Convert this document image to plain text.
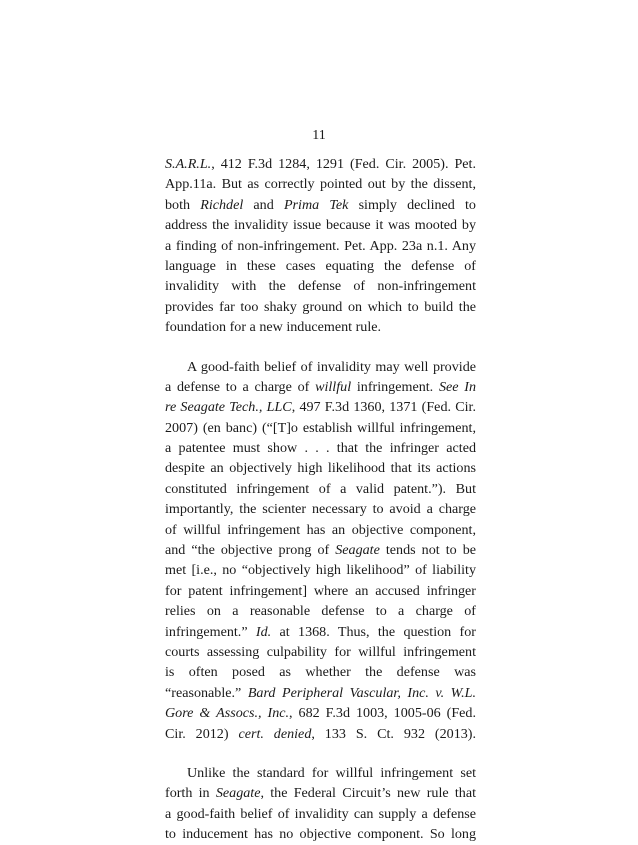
11
S.A.R.L., 412 F.3d 1284, 1291 (Fed. Cir. 2005). Pet.
App.11a. But as correctly pointed out by the dissent,
both Richdel and Prima Tek simply declined to
address the invalidity issue because it was mooted by
a finding of non-infringement. Pet. App. 23a n.1. Any
language in these cases equating the defense of
invalidity with the defense of non-infringement
provides far too shaky ground on which to build the
foundation for a new inducement rule.
A good-faith belief of invalidity may well provide
a defense to a charge of willful infringement. See In
re Seagate Tech., LLC, 497 F.3d 1360, 1371 (Fed. Cir.
2007) (en banc) (“[T]o establish willful infringement,
a patentee must show . . . that the infringer acted
despite an objectively high likelihood that its actions
constituted infringement of a valid patent.”). But
importantly, the scienter necessary to avoid a charge
of willful infringement has an objective component,
and “the objective prong of Seagate tends not to be
met [i.e., no “objectively high likelihood” of liability
for patent infringement] where an accused infringer
relies on a reasonable defense to a charge of
infringement.” Id. at 1368. Thus, the question for
courts assessing culpability for willful infringement
is often posed as whether the defense was
“reasonable.” Bard Peripheral Vascular, Inc. v. W.L.
Gore & Assocs., Inc., 682 F.3d 1003, 1005-06 (Fed.
Cir. 2012) cert. denied, 133 S. Ct. 932 (2013).
Unlike the standard for willful infringement set
forth in Seagate, the Federal Circuit’s new rule that
a good-faith belief of invalidity can supply a defense
to inducement has no objective component. So long
